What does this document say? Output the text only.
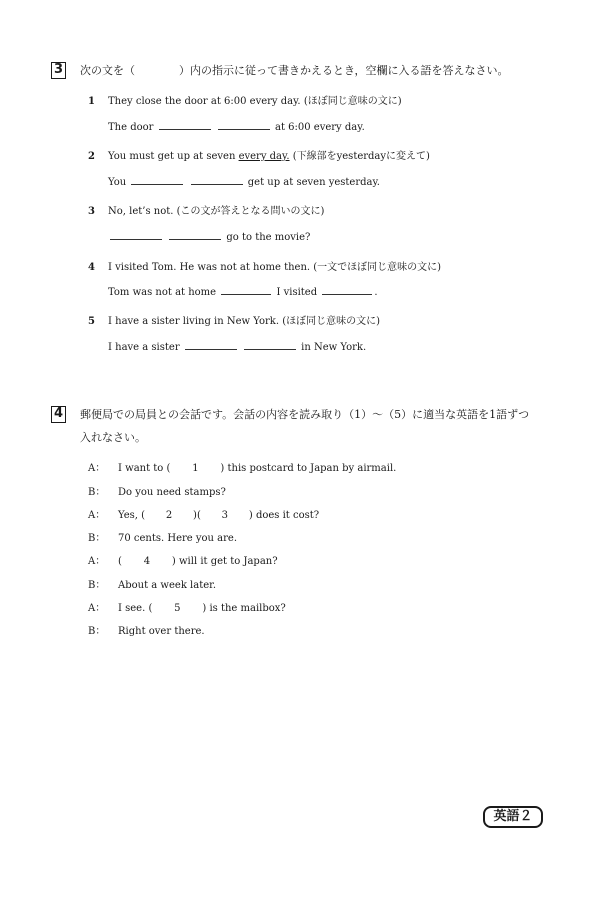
3 次の文を（　　　　）内の指示に従って書きかえるとき，空欄に入る語を答えなさい。
1 They close the door at 6:00 every day. (ほぼ同じ意味の文に)
The door	at 6:00 every day.
2 You must get up at seven every day. (下線部をyesterdayに変えて)
You	get up at seven yesterday.
3 No, let’s not. (この文が答えとなる問いの文に)
go to the movie?
4 I visited Tom. He was not at home then. (一文でほぼ同じ意味の文に)
Tom was not at home	I visited	.
5 I have a sister living in New York. (ほぼ同じ意味の文に)
I have a sister	in New York.
4 郵便局での局員との会話です。会話の内容を読み取り（1）～（5）に適当な英語を1語ずつ
入れなさい。
A： I want to ( 1 ) this postcard to Japan by airmail.
B： Do you need stamps?
A： Yes, ( 2 )( 3 ) does it cost?
B： 70 cents. Here you are.
A： ( 4 ) will it get to Japan?
B： About a week later.
A： I see. ( 5 ) is the mailbox?
B： Right over there.
英語２
